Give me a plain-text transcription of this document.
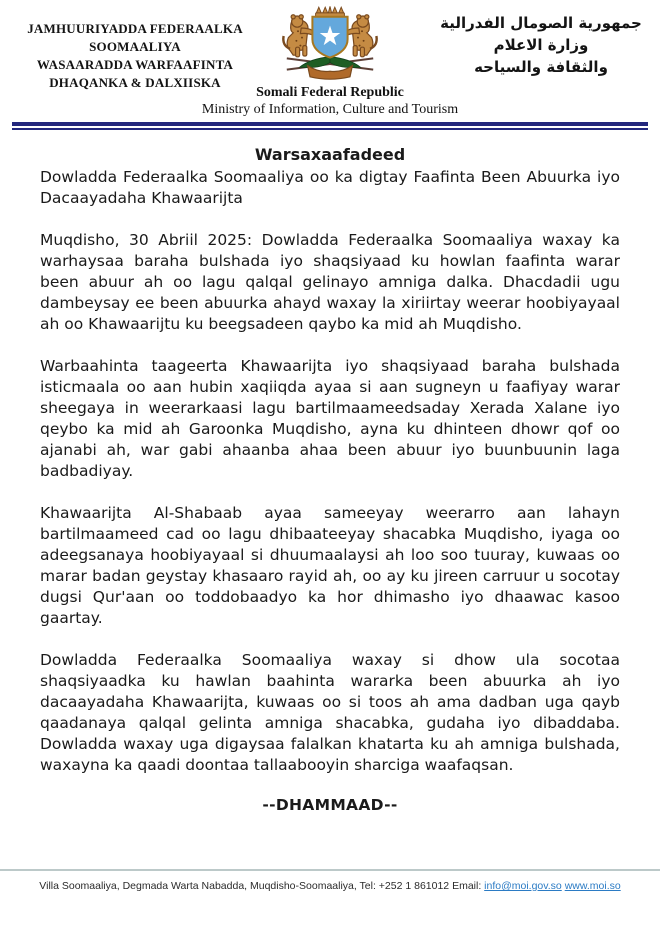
JAMHUURIYADDA FEDERAALKA
SOOMAALIYA
WASAARADDA WARFAAFINTA
DHAQANKA & DALXIISKA
Somali Federal Republic
Ministry of Information, Culture and Tourism
جمهورية الصومال الفدرالية
وزارة الاعلام
والثقافة والسياحه
Warsaxaafadeed

Dowladda Federaalka Soomaaliya oo ka digtay Faafinta Been Abuurka iyo Dacaayadaha Khawaarijta

Muqdisho, 30 Abriil 2025: Dowladda Federaalka Soomaaliya waxay ka warhaysaa baraha bulshada iyo shaqsiyaad ku howlan faafinta warar been abuur ah oo lagu qalqal gelinayo amniga dalka. Dhacdadii ugu dambeysay ee been abuurka ahayd waxay la xiriirtay weerar hoobiyayaal ah oo Khawaarijtu ku beegsadeen qaybo ka mid ah Muqdisho.

Warbaahinta taageerta Khawaarijta iyo shaqsiyaad baraha bulshada isticmaala oo aan hubin xaqiiqda ayaa si aan sugneyn u faafiyay warar sheegaya in weerarkaasi lagu bartilmaameedsaday Xerada Xalane iyo qeybo ka mid ah Garoonka Muqdisho, ayna ku dhinteen dhowr qof oo ajanabi ah, war gabi ahaanba ahaa been abuur iyo buunbuunin laga badbadiyay.

Khawaarijta Al-Shabaab ayaa sameeyay weerarro aan lahayn bartilmaameed cad oo lagu dhibaateeyay shacabka Muqdisho, iyaga oo adeegsanaya hoobiyayaal si dhuumaalaysi ah loo soo tuuray, kuwaas oo marar badan geystay khasaaro rayid ah, oo ay ku jireen carruur u socotay dugsi Qur'aan oo toddobaadyo ka hor dhimasho iyo dhaawac kasoo gaartay.

Dowladda Federaalka Soomaaliya waxay si dhow ula socotaa shaqsiyaadka ku hawlan baahinta wararka been abuurka ah iyo dacaayadaha Khawaarijta, kuwaas oo si toos ah ama dadban uga qayb qaadanaya qalqal gelinta amniga shacabka, gudaha iyo dibaddaba. Dowladda waxay uga digaysaa falalkan khatarta ku ah amniga bulshada, waxayna ka qaadi doontaa tallaabooyin sharciga waafaqsan.

--DHAMMAAD--
Villa Soomaaliya, Degmada Warta Nabadda, Muqdisho-Soomaaliya, Tel: +252 1 861012 Email: info@moi.gov.so www.moi.so
